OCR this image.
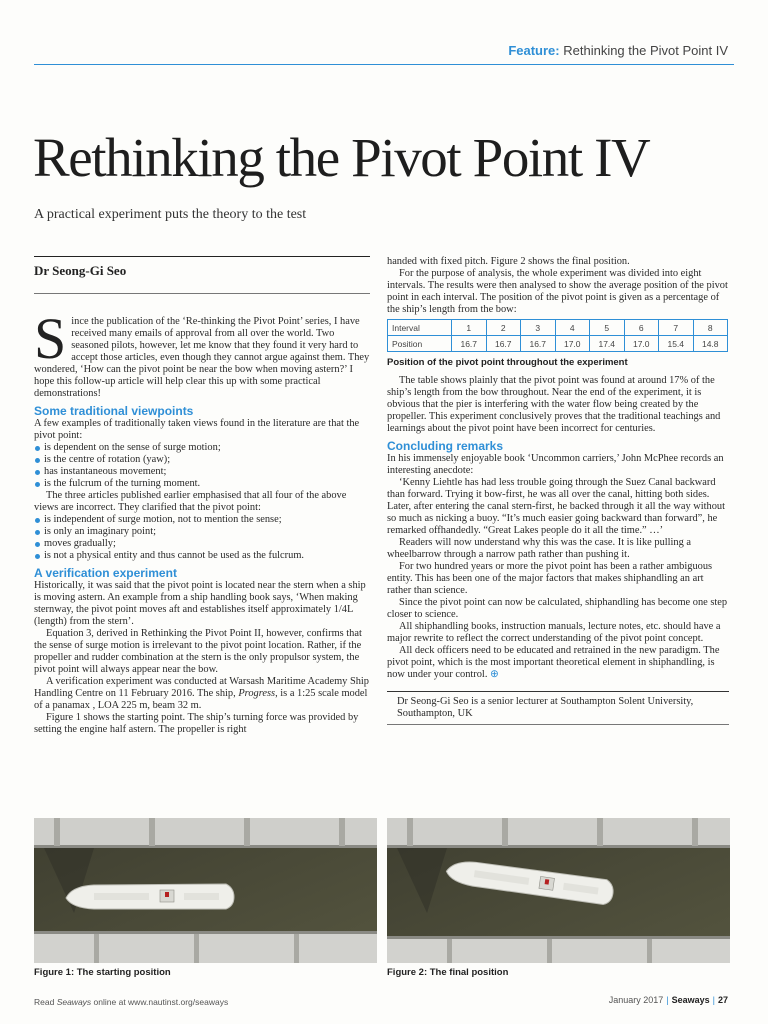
Feature: Rethinking the Pivot Point IV
Rethinking the Pivot Point IV
A practical experiment puts the theory to the test
Dr Seong-Gi Seo

Since the publication of the ‘Re-thinking the Pivot Point’ series, I have received many emails of approval from all over the world. Two seasoned pilots, however, let me know that they found it very hard to accept those articles, even though they cannot argue against them. They wondered, ‘How can the pivot point be near the bow when moving astern?’ I hope this follow-up article will help clear this up with some practical demonstrations!

Some traditional viewpoints

A few examples of traditionally taken views found in the literature are that the pivot point:

is dependent on the sense of surge motion;
is the centre of rotation (yaw);
has instantaneous movement;
is the fulcrum of the turning moment.

The three articles published earlier emphasised that all four of the above views are incorrect. They clarified that the pivot point:

is independent of surge motion, not to mention the sense;
is only an imaginary point;
moves gradually;
is not a physical entity and thus cannot be used as the fulcrum.
A verification experiment

Historically, it was said that the pivot point is located near the stern when a ship is moving astern. An example from a ship handling book says, ‘When making sternway, the pivot point moves aft and establishes itself approximately 1/4L (length) from the stern’.

Equation 3, derived in Rethinking the Pivot Point II, however, confirms that the sense of surge motion is irrelevant to the pivot point location. Rather, if the propeller and rudder combination at the stern is the only propulsor system, the pivot point will always appear near the bow.

A verification experiment was conducted at Warsash Maritime Academy Ship Handling Centre on 11 February 2016. The ship, Progress, is a 1:25 scale model of a panamax , LOA 225 m, beam 32 m.

Figure 1 shows the starting point. The ship’s turning force was provided by setting the engine half astern. The propeller is right

handed with fixed pitch. Figure 2 shows the final position.

For the purpose of analysis, the whole experiment was divided into eight intervals. The results were then analysed to show the average position of the pivot point in each interval. The position of the pivot point is given as a percentage of the ship’s length from the bow:

Interval	1	2	3	4	5	6	7	8
Position	16.7	16.7	16.7	17.0	17.4	17.0	15.4	14.8
Position of the pivot point throughout the experiment

The table shows plainly that the pivot point was found at around 17% of the ship’s length from the bow throughout. Near the end of the experiment, it is obvious that the pier is interfering with the water flow being created by the propeller. This experiment conclusively proves that the traditional teachings and learnings about the pivot point have been incorrect for centuries.

Concluding remarks

In his immensely enjoyable book ‘Uncommon carriers,’ John McPhee records an interesting anecdote:

‘Kenny Liehtle has had less trouble going through the Suez Canal backward than forward. Trying it bow-first, he was all over the canal, hitting both sides. Later, after entering the canal stern-first, he backed through it all the way without so much as nicking a buoy. “It’s much easier going backward than forward”, he remarked offhandedly. “Great Lakes people do it all the time.” …’

Readers will now understand why this was the case. It is like pulling a wheelbarrow through a narrow path rather than pushing it.

For two hundred years or more the pivot point has been a rather ambiguous entity. This has been one of the major factors that makes shiphandling an art rather than science.

Since the pivot point can now be calculated, shiphandling has become one step closer to science.

All shiphandling books, instruction manuals, lecture notes, etc. should have a major rewrite to reflect the correct understanding of the pivot point concept.

All deck officers need to be educated and retrained in the new paradigm. The pivot point, which is the most important theoretical element in shiphandling, is now under your control. ⊕

Dr Seong-Gi Seo is a senior lecturer at Southampton Solent University, Southampton, UK
Figure 1: The starting position	Figure 2: The final position
Read Seaways online at www.nautinst.org/seaways	January 2017 | Seaways | 27
